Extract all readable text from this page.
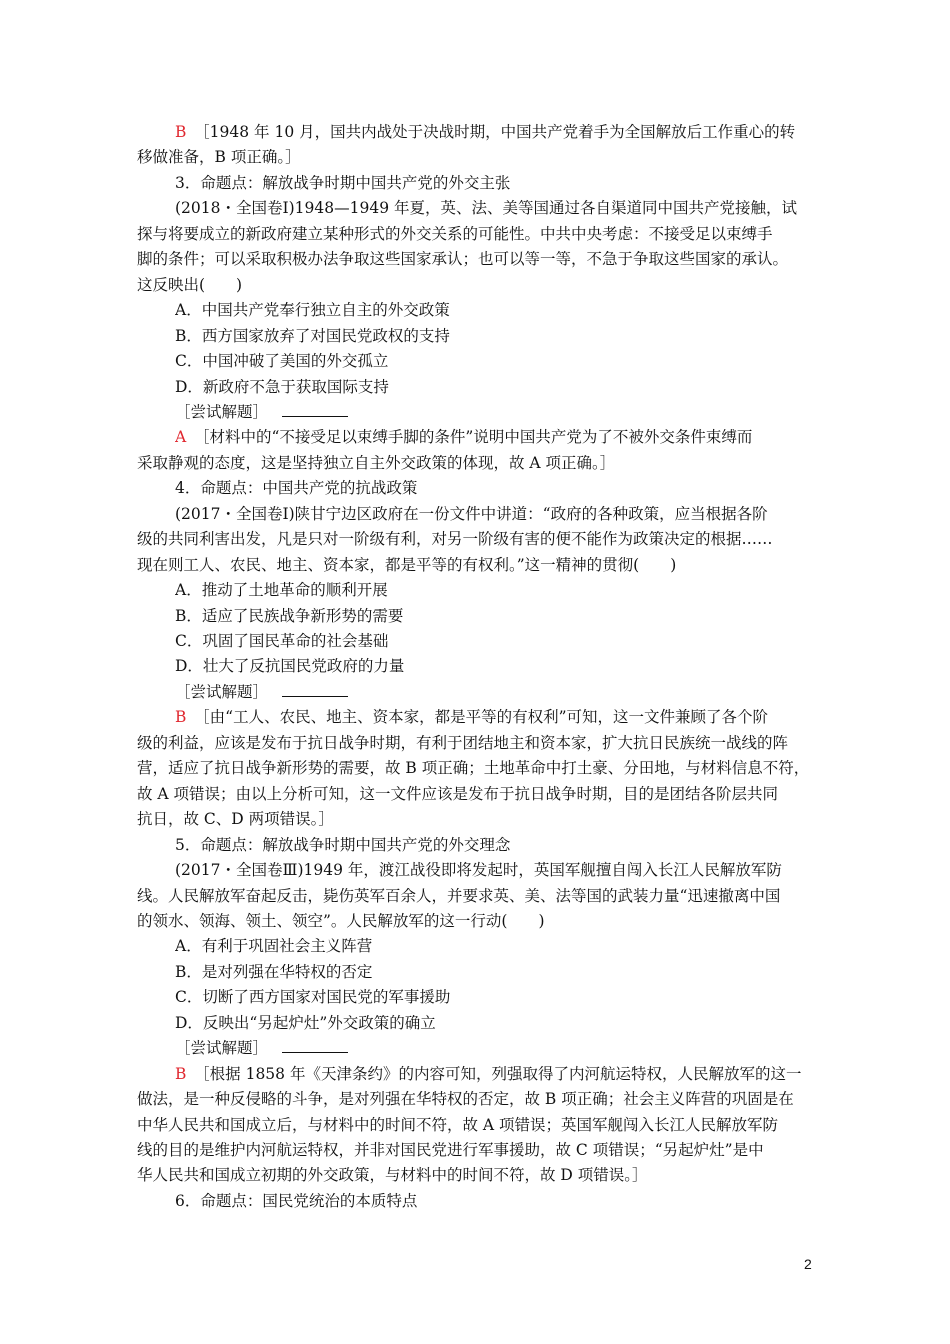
B　 ［1948 年 10 月，国共内战处于决战时期，中国共产党着手为全国解放后工作重心的转
移做准备，B 项正确。］
3．命题点：解放战争时期中国共产党的外交主张
(2018・全国卷Ⅰ)1948—1949 年夏，英、法、美等国通过各自渠道同中国共产党接触，试
探与将要成立的新政府建立某种形式的外交关系的可能性。中共中央考虑：不接受足以束缚手
脚的条件；可以采取积极办法争取这些国家承认；也可以等一等，不急于争取这些国家的承认。
这反映出(　　)
A．中国共产党奉行独立自主的外交政策
B．西方国家放弃了对国民党政权的支持
C．中国冲破了美国的外交孤立
D．新政府不急于获取国际支持
［尝试解题］
A　 ［材料中的“不接受足以束缚手脚的条件”说明中国共产党为了不被外交条件束缚而
采取静观的态度，这是坚持独立自主外交政策的体现，故 A 项正确。］
4．命题点：中国共产党的抗战政策
(2017・全国卷Ⅰ)陕甘宁边区政府在一份文件中讲道：“政府的各种政策，应当根据各阶
级的共同利害出发，凡是只对一阶级有利，对另一阶级有害的便不能作为政策决定的根据……
现在则工人、农民、地主、资本家，都是平等的有权利。”这一精神的贯彻(　　)
A．推动了土地革命的顺利开展
B．适应了民族战争新形势的需要
C．巩固了国民革命的社会基础
D．壮大了反抗国民党政府的力量
［尝试解题］
B　 ［由“工人、农民、地主、资本家，都是平等的有权利”可知，这一文件兼顾了各个阶
级的利益，应该是发布于抗日战争时期，有利于团结地主和资本家，扩大抗日民族统一战线的阵
营，适应了抗日战争新形势的需要，故 B 项正确；土地革命中打土豪、分田地，与材料信息不符，
故 A 项错误；由以上分析可知，这一文件应该是发布于抗日战争时期，目的是团结各阶层共同
抗日，故 C、D 两项错误。］
5．命题点：解放战争时期中国共产党的外交理念
(2017・全国卷Ⅲ)1949 年，渡江战役即将发起时，英国军舰擅自闯入长江人民解放军防
线。人民解放军奋起反击，毙伤英军百余人，并要求英、美、法等国的武装力量“迅速撤离中国
的领水、领海、领土、领空”。人民解放军的这一行动(　　)
A．有利于巩固社会主义阵营
B．是对列强在华特权的否定
C．切断了西方国家对国民党的军事援助
D．反映出“另起炉灶”外交政策的确立
［尝试解题］
B　 ［根据 1858 年《天津条约》的内容可知，列强取得了内河航运特权，人民解放军的这一
做法，是一种反侵略的斗争，是对列强在华特权的否定，故 B 项正确；社会主义阵营的巩固是在
中华人民共和国成立后，与材料中的时间不符，故 A 项错误；英国军舰闯入长江人民解放军防
线的目的是维护内河航运特权，并非对国民党进行军事援助，故 C 项错误；“另起炉灶”是中
华人民共和国成立初期的外交政策，与材料中的时间不符，故 D 项错误。］
6．命题点：国民党统治的本质特点
2
